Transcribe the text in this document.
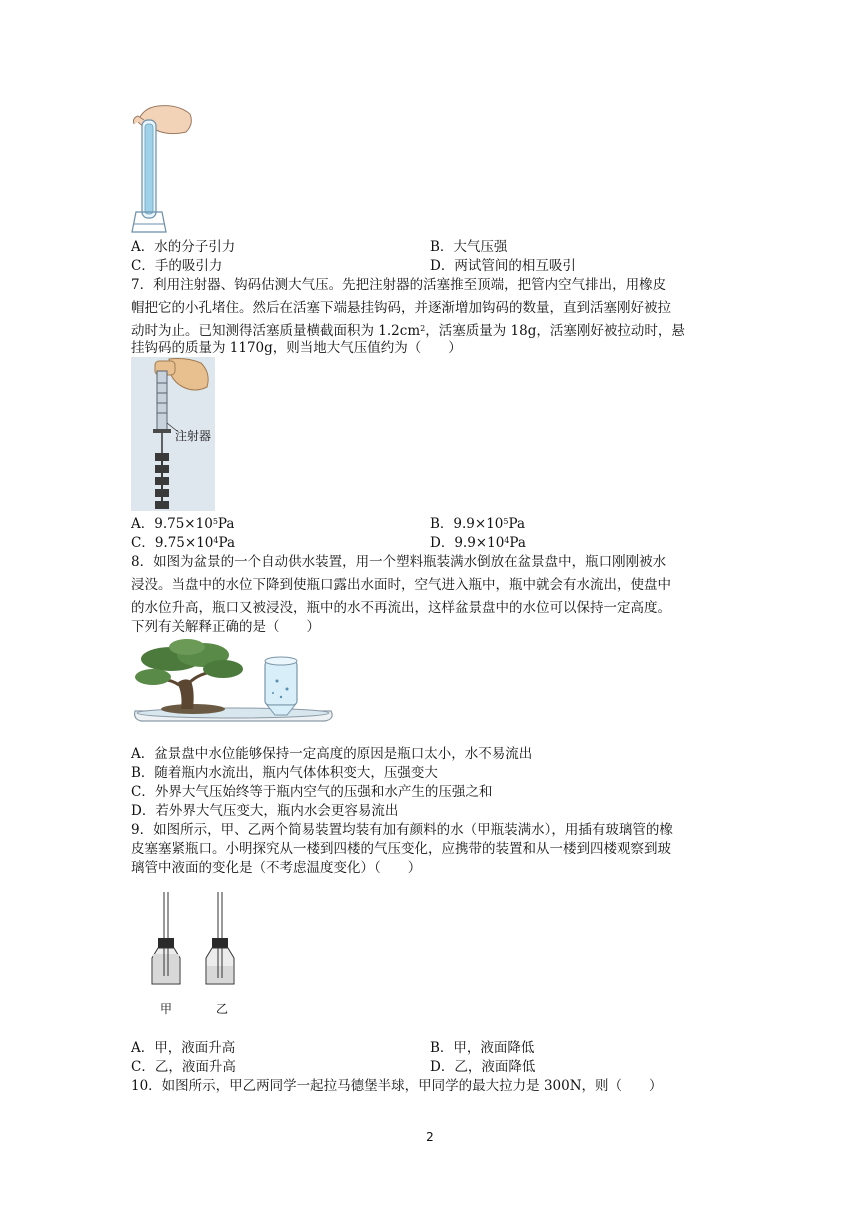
A．水的分子引力	B．大气压强
C．手的吸引力	D．两试管间的相互吸引
7．利用注射器、钩码估测大气压。先把注射器的活塞推至顶端，把管内空气排出，用橡皮
帽把它的小孔堵住。然后在活塞下端悬挂钩码，并逐渐增加钩码的数量，直到活塞刚好被拉
动时为止。已知测得活塞质量横截面积为 $1.2cm^2$，活塞质量为 18g，活塞刚好被拉动时，悬
挂钩码的质量为 1170g，则当地大气压值约为（　　）
注射器
A．$9.75\times 10^5Pa$	B．$9.9\times 10^5Pa$
C．$9.75\times 10^4Pa$	D．$9.9\times 10^4Pa$
8．如图为盆景的一个自动供水装置，用一个塑料瓶装满水倒放在盆景盘中，瓶口刚刚被水
浸没。当盘中的水位下降到使瓶口露出水面时，空气进入瓶中，瓶中就会有水流出，使盘中
的水位升高，瓶口又被浸没，瓶中的水不再流出，这样盆景盘中的水位可以保持一定高度。
下列有关解释正确的是（　　）
A．盆景盘中水位能够保持一定高度的原因是瓶口太小，水不易流出
B．随着瓶内水流出，瓶内气体体积变大，压强变大
C．外界大气压始终等于瓶内空气的压强和水产生的压强之和
D．若外界大气压变大，瓶内水会更容易流出
9．如图所示，甲、乙两个简易装置均装有加有颜料的水（甲瓶装满水），用插有玻璃管的橡
皮塞塞紧瓶口。小明探究从一楼到四楼的气压变化，应携带的装置和从一楼到四楼观察到玻
璃管中液面的变化是（不考虑温度变化）（　　）
甲	乙
A．甲，液面升高	B．甲，液面降低
C．乙，液面升高	D．乙，液面降低
10．如图所示，甲乙两同学一起拉马德堡半球，甲同学的最大拉力是 300N，则（　　）
2
